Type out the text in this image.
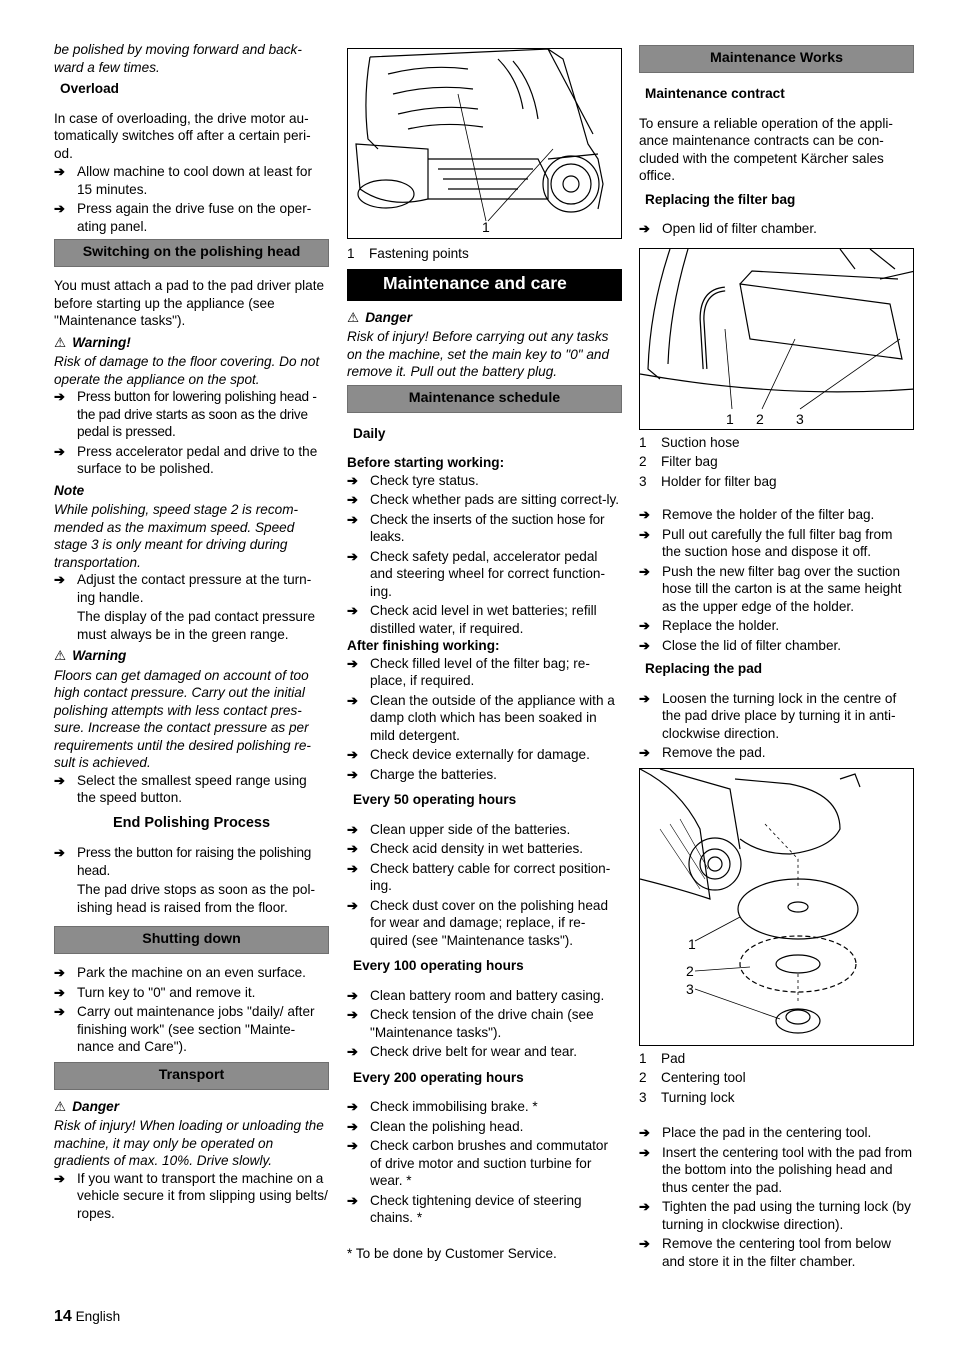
be polished by moving forward and back-ward a few times.

Overload

In case of overloading, the drive motor au-tomatically switches off after a certain peri-od.

➔ Allow machine to cool down at least for 15 minutes.

➔ Press again the drive fuse on the oper-ating panel.

Switching on the polishing head

You must attach a pad to the pad driver plate before starting up the appliance (see "Maintenance tasks").

⚠ Warning!

Risk of damage to the floor covering. Do not operate the appliance on the spot.

➔ Press button for lowering polishing head - the pad drive starts as soon as the drive pedal is pressed.

➔ Press accelerator pedal and drive to the surface to be polished.

Note

While polishing, speed stage 2 is recom-mended as the maximum speed. Speed stage 3 is only meant for driving during transportation.

➔ Adjust the contact pressure at the turn-ing handle.

The display of the pad contact pressure must always be in the green range.

⚠ Warning

Floors can get damaged on account of too high contact pressure. Carry out the initial polishing attempts with less contact pres-sure. Increase the contact pressure as per requirements until the desired polishing re-sult is achieved.

➔ Select the smallest speed range using the speed button.

End Polishing Process

➔ Press the button for raising the polishing head.

The pad drive stops as soon as the pol-ishing head is raised from the floor.

Shutting down

➔ Park the machine on an even surface.

➔ Turn key to "0" and remove it.

➔ Carry out maintenance jobs "daily/ after finishing work" (see section "Mainte-nance and Care").

Transport

⚠ Danger

Risk of injury! When loading or unloading the machine, it may only be operated on gradients of max. 10%. Drive slowly.

➔ If you want to transport the machine on a vehicle secure it from slipping using belts/ ropes.

1
1	Fastening points
Maintenance and care

⚠ Danger

Risk of injury! Before carrying out any tasks on the machine, set the main key to "0" and remove it. Pull out the battery plug.

Maintenance schedule

Daily

Before starting working:

➔ Check tyre status.

➔ Check whether pads are sitting correct-ly.

➔ Check the inserts of the suction hose for leaks.

➔ Check safety pedal, accelerator pedal and steering wheel for correct function-ing.

➔ Check acid level in wet batteries; refill distilled water, if required.

After finishing working:

➔ Check filled level of the filter bag; re-place, if required.

➔ Clean the outside of the appliance with a damp cloth which has been soaked in mild detergent.

➔ Check device externally for damage.

➔ Charge the batteries.

Every 50 operating hours

➔ Clean upper side of the batteries.

➔ Check acid density in wet batteries.

➔ Check battery cable for correct position-ing.

➔ Check dust cover on the polishing head for wear and damage; replace, if re-quired (see "Maintenance tasks").

Every 100 operating hours

➔ Clean battery room and battery casing.

➔ Check tension of the drive chain (see "Maintenance tasks").

➔ Check drive belt for wear and tear.

Every 200 operating hours

➔ Check immobilising brake. *

➔ Clean the polishing head.

➔ Check carbon brushes and commutator of drive motor and suction turbine for wear. *

➔ Check tightening device of steering chains. *

* To be done by Customer Service.

Maintenance Works

Maintenance contract

To ensure a reliable operation of the appli-ance maintenance contracts can be con-cluded with the competent Kärcher sales office.

Replacing the filter bag

➔ Open lid of filter chamber.

1 2 3
1	Suction hose
2	Filter bag
3	Holder for filter bag

➔ Remove the holder of the filter bag.

➔ Pull out carefully the full filter bag from the suction hose and dispose it off.

➔ Push the new filter bag over the suction hose till the carton is at the same height as the upper edge of the holder.

➔ Replace the holder.

➔ Close the lid of filter chamber.

Replacing the pad

➔ Loosen the turning lock in the centre of the pad drive place by turning it in anti-clockwise direction.

➔ Remove the pad.

1
2
3
1	Pad
2	Centering tool
3	Turning lock

➔ Place the pad in the centering tool.

➔ Insert the centering tool with the pad from the bottom into the polishing head and thus center the pad.

➔ Tighten the pad using the turning lock (by turning in clockwise direction).

➔ Remove the centering tool from below and store it in the filter chamber.

14 English
